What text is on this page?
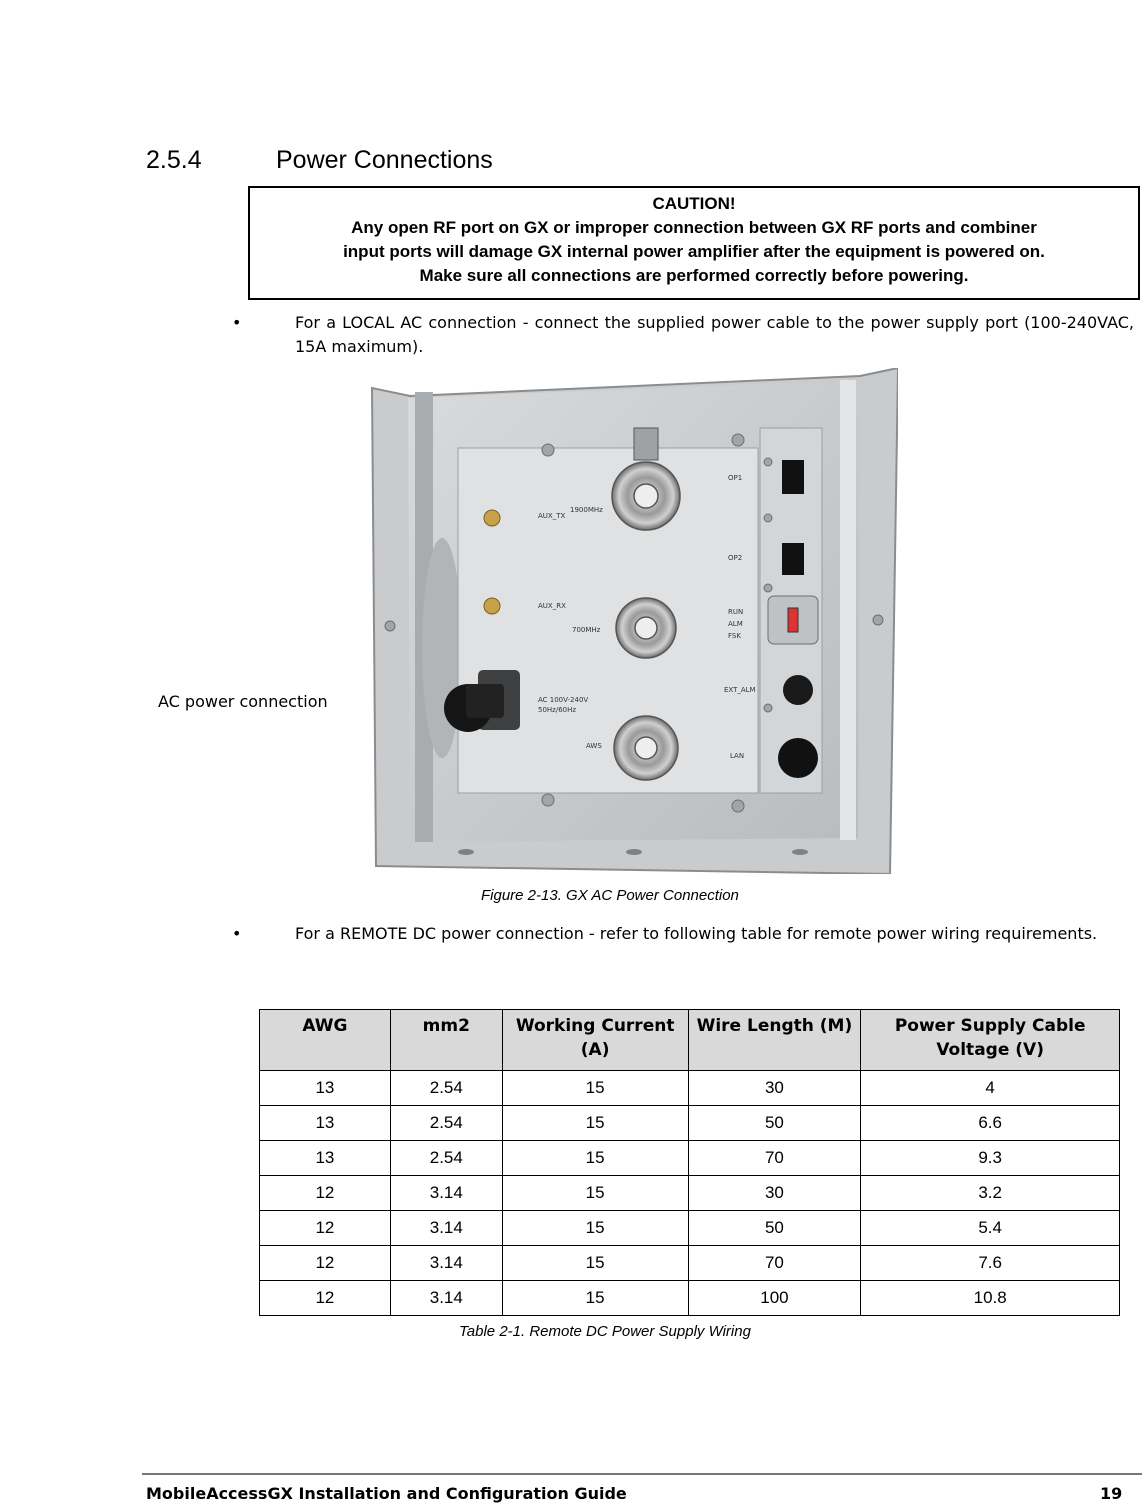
2.5.4	Power Connections
CAUTION!
Any open RF port on GX or improper connection between GX RF ports and combiner
input ports will damage GX internal power amplifier after the equipment is powered on.
Make sure all connections are performed correctly before powering.
•	For a LOCAL AC connection - connect the supplied power cable to the power supply port (100-240VAC, 15A maximum).
AC power connection
OP1
OP2
AUX_TX
1900MHz
AUX_RX
700MHz
RUN
ALM
FSK
EXT_ALM
AC 100V-240V
50Hz/60Hz
AWS
LAN
Figure 2-13. GX AC Power Connection
•	For a REMOTE DC power connection - refer to following table for remote power wiring requirements.
AWG	mm2	Working Current (A)	Wire Length (M)	Power Supply Cable Voltage (V)
13	2.54	15	30	4
13	2.54	15	50	6.6
13	2.54	15	70	9.3
12	3.14	15	30	3.2
12	3.14	15	50	5.4
12	3.14	15	70	7.6
12	3.14	15	100	10.8
Table 2-1. Remote DC Power Supply Wiring
MobileAccessGX Installation and Configuration Guide	19
